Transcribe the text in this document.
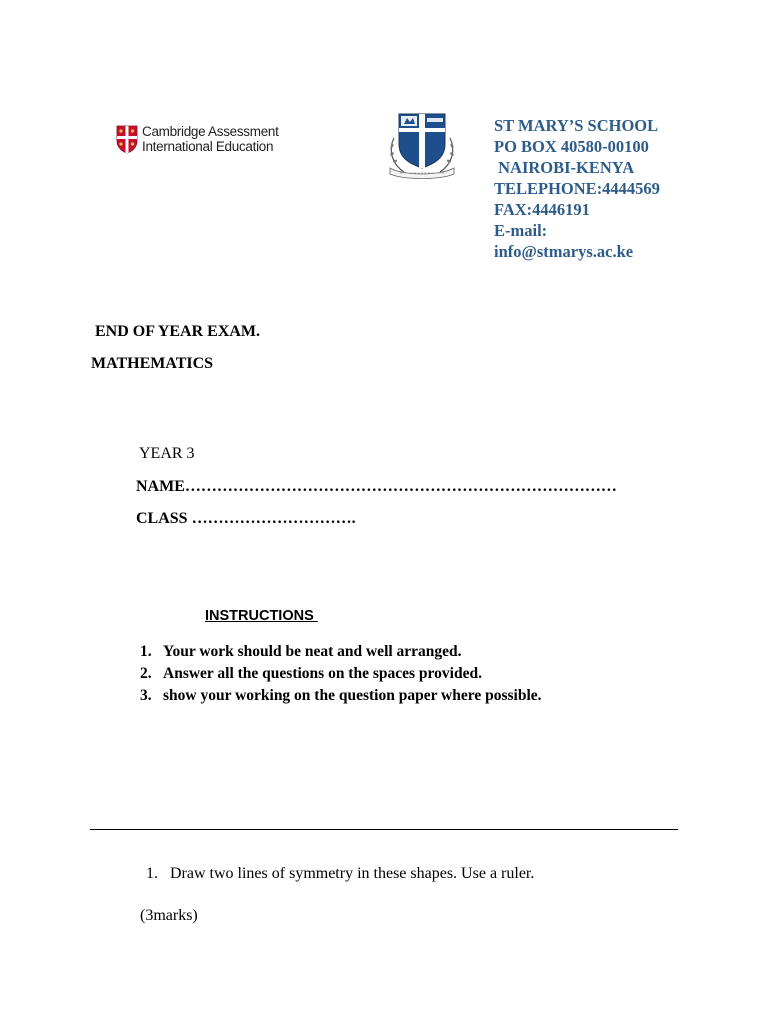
Cambridge Assessment
International Education
ST MARY’S SCHOOL
PO BOX 40580-00100
NAIROBI-KENYA
TELEPHONE:4444569
FAX:4446191
E-mail:
info@stmarys.ac.ke
END OF YEAR EXAM.
MATHEMATICS
YEAR 3
NAME………………………………………………………………………
CLASS ………………………….
INSTRUCTIONS
1. Your work should be neat and well arranged.
2. Answer all the questions on the spaces provided.
3. show your working on the question paper where possible.
1. Draw two lines of symmetry in these shapes. Use a ruler.
(3marks)
